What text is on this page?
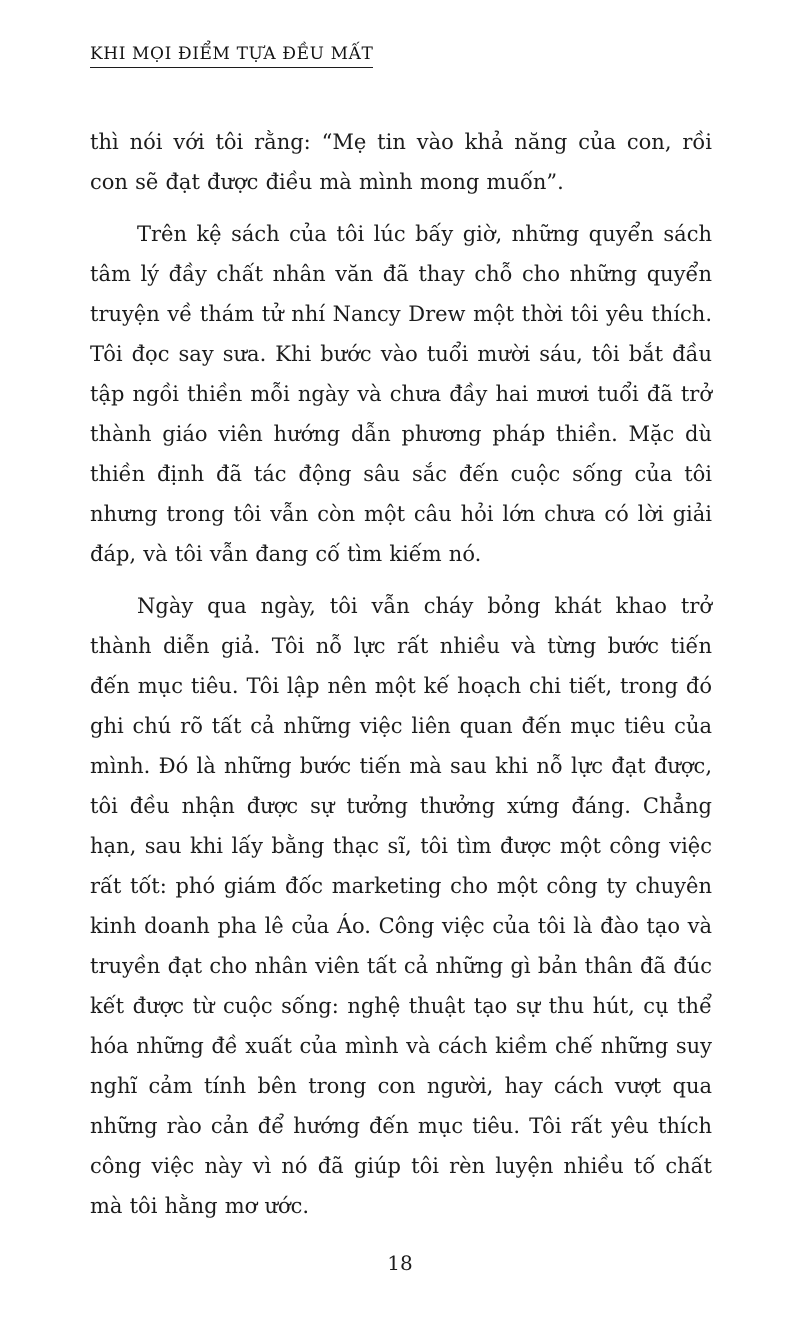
KHI MỌI ĐIỂM TỰA ĐỀU MẤT

thì nói với tôi rằng: “Mẹ tin vào khả năng của con, rồi con sẽ đạt được điều mà mình mong muốn”.

Trên kệ sách của tôi lúc bấy giờ, những quyển sách tâm lý đầy chất nhân văn đã thay chỗ cho những quyển truyện về thám tử nhí Nancy Drew một thời tôi yêu thích. Tôi đọc say sưa. Khi bước vào tuổi mười sáu, tôi bắt đầu tập ngồi thiền mỗi ngày và chưa đầy hai mươi tuổi đã trở thành giáo viên hướng dẫn phương pháp thiền. Mặc dù thiền định đã tác động sâu sắc đến cuộc sống của tôi nhưng trong tôi vẫn còn một câu hỏi lớn chưa có lời giải đáp, và tôi vẫn đang cố tìm kiếm nó.

Ngày qua ngày, tôi vẫn cháy bỏng khát khao trở thành diễn giả. Tôi nỗ lực rất nhiều và từng bước tiến đến mục tiêu. Tôi lập nên một kế hoạch chi tiết, trong đó ghi chú rõ tất cả những việc liên quan đến mục tiêu của mình. Đó là những bước tiến mà sau khi nỗ lực đạt được, tôi đều nhận được sự tưởng thưởng xứng đáng. Chẳng hạn, sau khi lấy bằng thạc sĩ, tôi tìm được một công việc rất tốt: phó giám đốc marketing cho một công ty chuyên kinh doanh pha lê của Áo. Công việc của tôi là đào tạo và truyền đạt cho nhân viên tất cả những gì bản thân đã đúc kết được từ cuộc sống: nghệ thuật tạo sự thu hút, cụ thể hóa những đề xuất của mình và cách kiềm chế những suy nghĩ cảm tính bên trong con người, hay cách vượt qua những rào cản để hướng đến mục tiêu. Tôi rất yêu thích công việc này vì nó đã giúp tôi rèn luyện nhiều tố chất mà tôi hằng mơ ước.

18
